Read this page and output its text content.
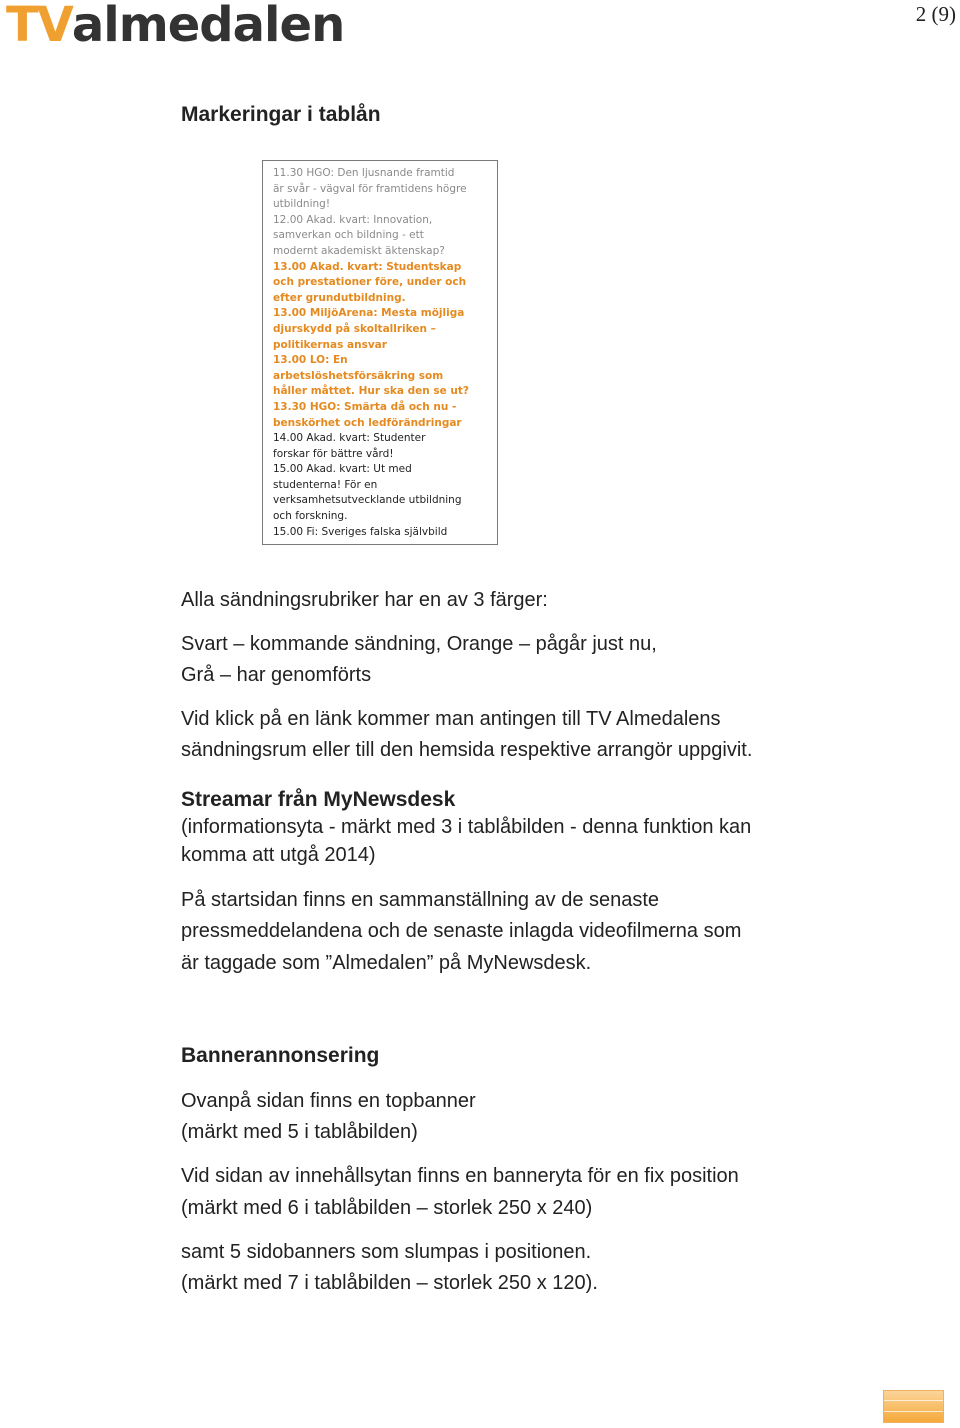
TValmedalen	2 (9)
Markeringar i tablån
11.30 HGO: Den ljusnande framtid
är svår - vägval för framtidens högre
utbildning!
12.00 Akad. kvart: Innovation,
samverkan och bildning - ett
modernt akademiskt äktenskap?
13.00 Akad. kvart: Studentskap
och prestationer före, under och
efter grundutbildning.
13.00 MiljöArena: Mesta möjliga
djurskydd på skoltallriken –
politikernas ansvar
13.00 LO: En
arbetslöshetsförsäkring som
håller måttet. Hur ska den se ut?
13.30 HGO: Smärta då och nu -
benskörhet och ledförändringar
14.00 Akad. kvart: Studenter
forskar för bättre vård!
15.00 Akad. kvart: Ut med
studenterna! För en
verksamhetsutvecklande utbildning
och forskning.
15.00 Fi: Sveriges falska självbild
Alla sändningsrubriker har en av 3 färger:
Svart – kommande sändning, Orange – pågår just nu,
Grå – har genomförts
Vid klick på en länk kommer man antingen till TV Almedalens
sändningsrum eller till den hemsida respektive arrangör uppgivit.
Streamar från MyNewsdesk
(informationsyta - märkt med 3 i tablåbilden - denna funktion kan
komma att utgå 2014)
På startsidan finns en sammanställning av de senaste
pressmeddelandena och de senaste inlagda videofilmerna som
är taggade som ”Almedalen” på MyNewsdesk.
Bannerannonsering
Ovanpå sidan finns en topbanner
(märkt med 5 i tablåbilden)
Vid sidan av innehållsytan finns en banneryta för en fix position
(märkt med 6 i tablåbilden – storlek 250 x 240)
samt 5 sidobanners som slumpas i positionen.
(märkt med 7 i tablåbilden – storlek 250 x 120).
